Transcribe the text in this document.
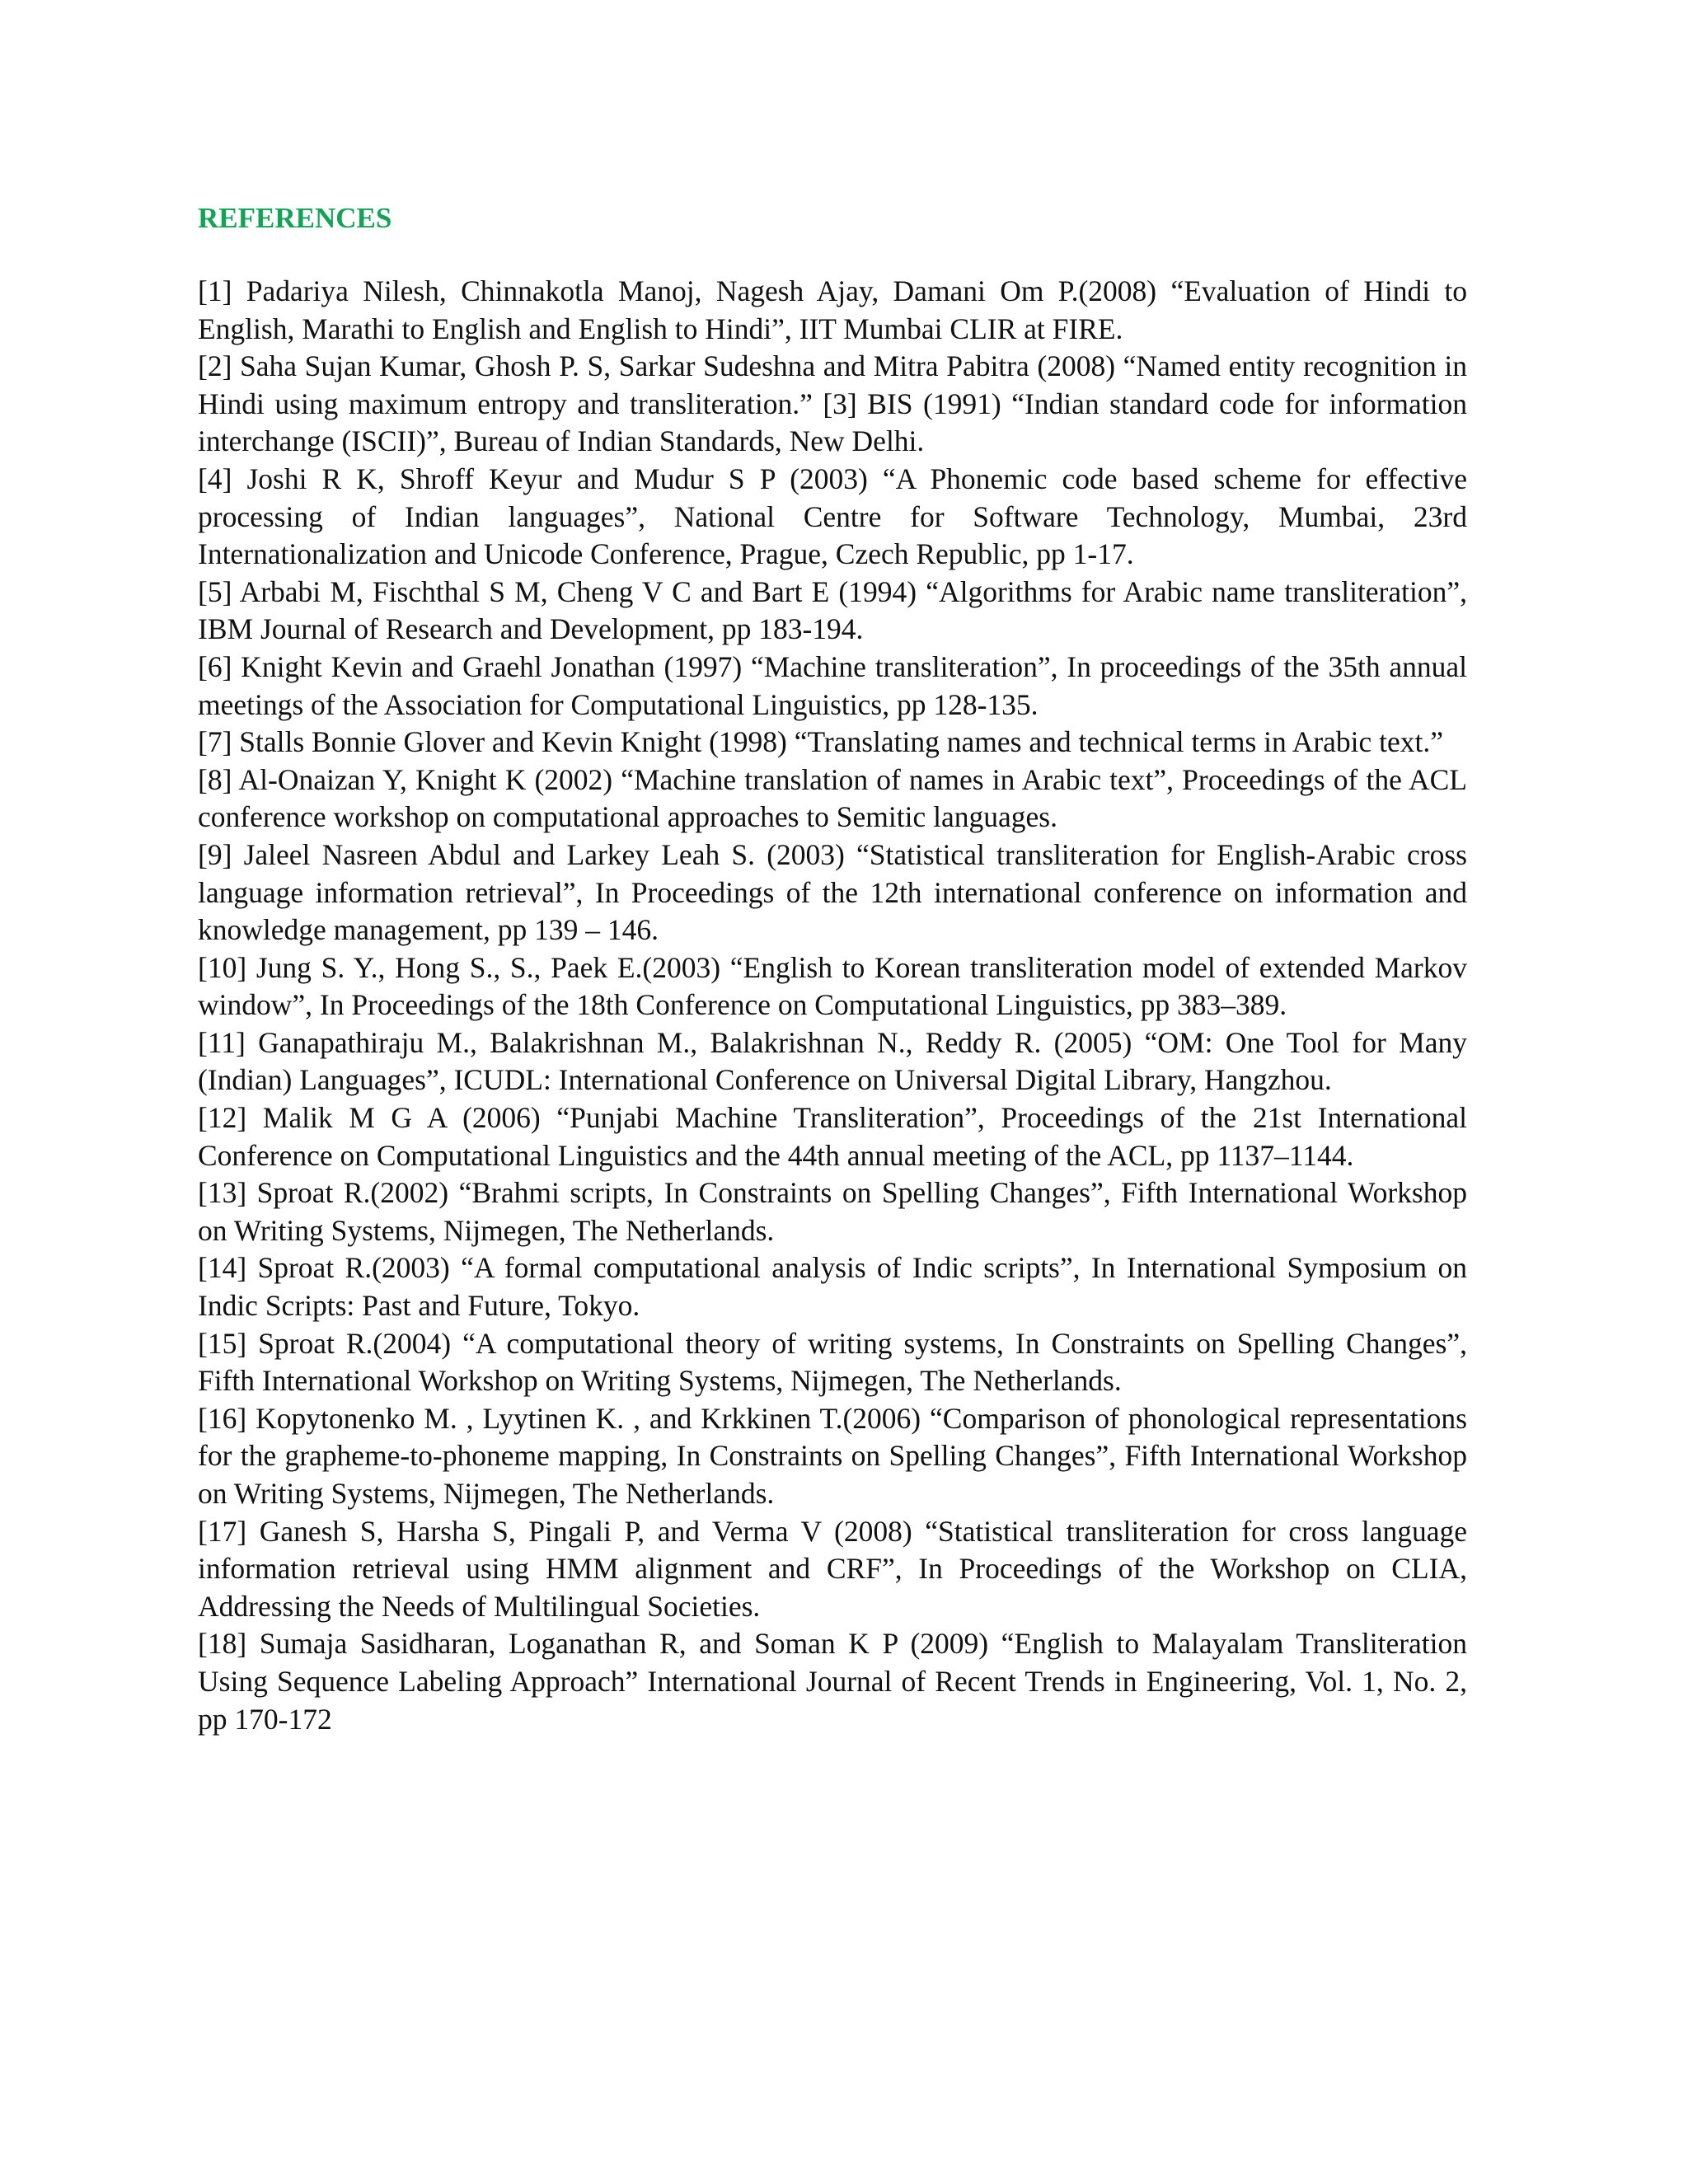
REFERENCES

[1] Padariya Nilesh, Chinnakotla Manoj, Nagesh Ajay, Damani Om P.(2008) “Evaluation of Hindi to English, Marathi to English and English to Hindi”, IIT Mumbai CLIR at FIRE.

[2] Saha Sujan Kumar, Ghosh P. S, Sarkar Sudeshna and Mitra Pabitra (2008) “Named entity recognition in Hindi using maximum entropy and transliteration.” [3] BIS (1991) “Indian standard code for information interchange (ISCII)”, Bureau of Indian Standards, New Delhi.

[4] Joshi R K, Shroff Keyur and Mudur S P (2003) “A Phonemic code based scheme for effective processing of Indian languages”, National Centre for Software Technology, Mumbai, 23rd Internationalization and Unicode Conference, Prague, Czech Republic, pp 1-17.

[5] Arbabi M, Fischthal S M, Cheng V C and Bart E (1994) “Algorithms for Arabic name transliteration”, IBM Journal of Research and Development, pp 183-194.

[6] Knight Kevin and Graehl Jonathan (1997) “Machine transliteration”, In proceedings of the 35th annual meetings of the Association for Computational Linguistics, pp 128-135.

[7] Stalls Bonnie Glover and Kevin Knight (1998) “Translating names and technical terms in Arabic text.”

[8] Al-Onaizan Y, Knight K (2002) “Machine translation of names in Arabic text”, Proceedings of the ACL conference workshop on computational approaches to Semitic languages.

[9] Jaleel Nasreen Abdul and Larkey Leah S. (2003) “Statistical transliteration for English-Arabic cross language information retrieval”, In Proceedings of the 12th international conference on information and knowledge management, pp 139 – 146.

[10] Jung S. Y., Hong S., S., Paek E.(2003) “English to Korean transliteration model of extended Markov window”, In Proceedings of the 18th Conference on Computational Linguistics, pp 383–389.

[11] Ganapathiraju M., Balakrishnan M., Balakrishnan N., Reddy R. (2005) “OM: One Tool for Many (Indian) Languages”, ICUDL: International Conference on Universal Digital Library, Hangzhou.

[12] Malik M G A (2006) “Punjabi Machine Transliteration”, Proceedings of the 21st International Conference on Computational Linguistics and the 44th annual meeting of the ACL, pp 1137–1144.

[13] Sproat R.(2002) “Brahmi scripts, In Constraints on Spelling Changes”, Fifth International Workshop on Writing Systems, Nijmegen, The Netherlands.

[14] Sproat R.(2003) “A formal computational analysis of Indic scripts”, In International Symposium on Indic Scripts: Past and Future, Tokyo.

[15] Sproat R.(2004) “A computational theory of writing systems, In Constraints on Spelling Changes”, Fifth International Workshop on Writing Systems, Nijmegen, The Netherlands.

[16] Kopytonenko M. , Lyytinen K. , and Krkkinen T.(2006) “Comparison of phonological representations for the grapheme-to-phoneme mapping, In Constraints on Spelling Changes”, Fifth International Workshop on Writing Systems, Nijmegen, The Netherlands.

[17] Ganesh S, Harsha S, Pingali P, and Verma V (2008) “Statistical transliteration for cross language information retrieval using HMM alignment and CRF”, In Proceedings of the Workshop on CLIA, Addressing the Needs of Multilingual Societies.

[18] Sumaja Sasidharan, Loganathan R, and Soman K P (2009) “English to Malayalam Transliteration Using Sequence Labeling Approach” International Journal of Recent Trends in Engineering, Vol. 1, No. 2, pp 170-172
